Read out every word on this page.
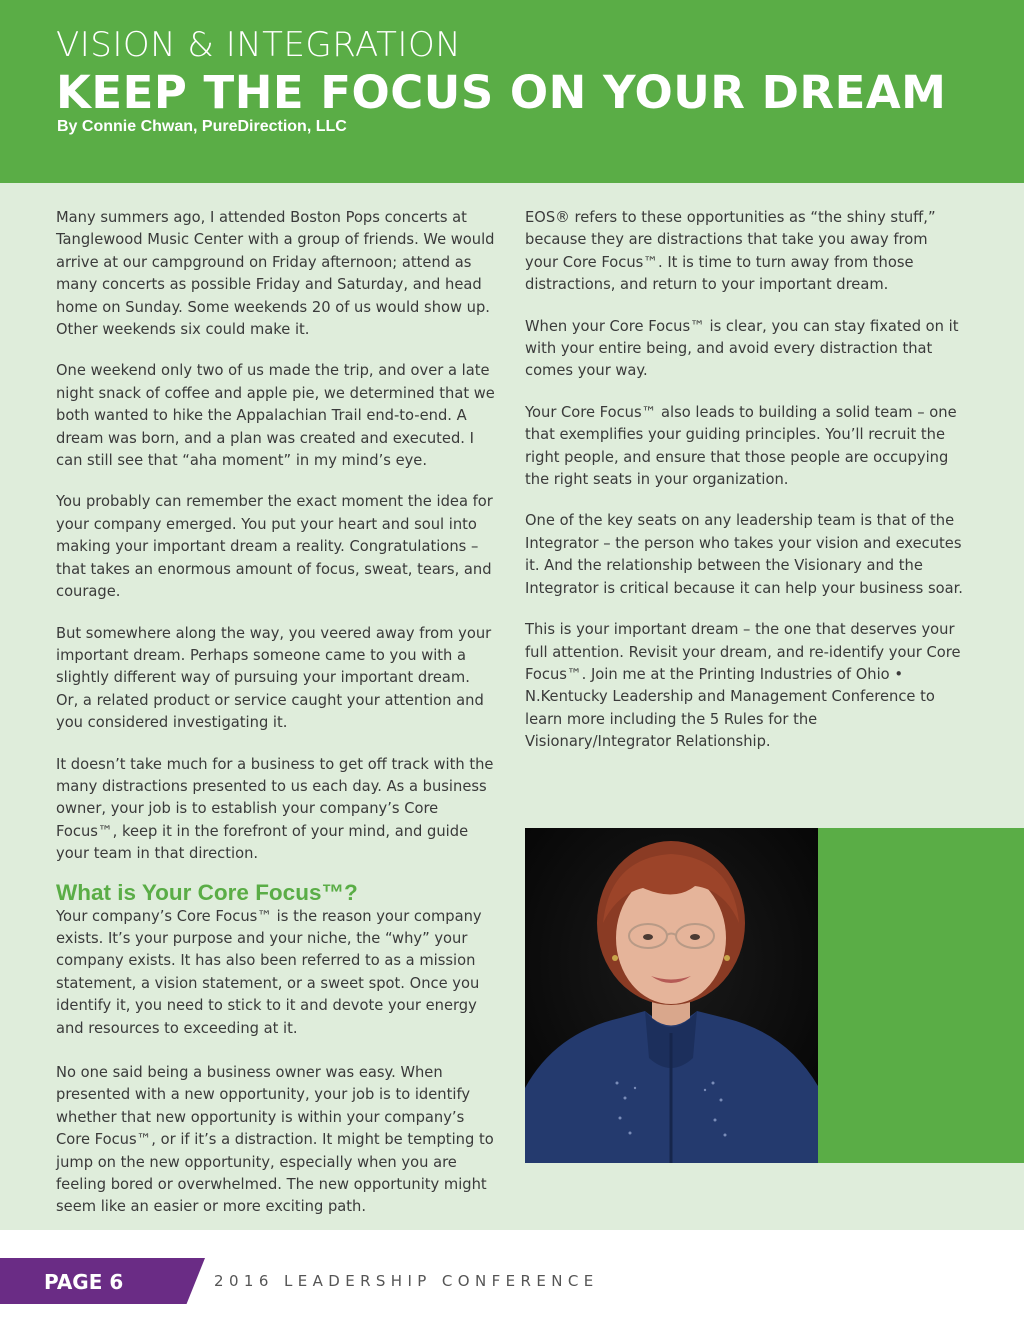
VISION & INTEGRATION
KEEP THE FOCUS ON YOUR DREAM
By Connie Chwan, PureDirection, LLC

Many summers ago, I attended Boston Pops concerts at Tanglewood Music Center with a group of friends. We would arrive at our campground on Friday afternoon; attend as many concerts as possible Friday and Saturday, and head home on Sunday. Some weekends 20 of us would show up. Other weekends six could make it.

One weekend only two of us made the trip, and over a late night snack of coffee and apple pie, we determined that we both wanted to hike the Appalachian Trail end-to-end. A dream was born, and a plan was created and executed. I can still see that “aha moment” in my mind’s eye.

You probably can remember the exact moment the idea for your company emerged. You put your heart and soul into making your important dream a reality. Congratulations – that takes an enormous amount of focus, sweat, tears, and courage.

But somewhere along the way, you veered away from your important dream. Perhaps someone came to you with a slightly different way of pursuing your important dream. Or, a related product or service caught your attention and you considered investigating it.

It doesn’t take much for a business to get off track with the many distractions presented to us each day. As a business owner, your job is to establish your company’s Core Focus™, keep it in the forefront of your mind, and guide your team in that direction.

What is Your Core Focus™?

Your company’s Core Focus™ is the reason your company exists. It’s your purpose and your niche, the “why” your company exists. It has also been referred to as a mission statement, a vision statement, or a sweet spot. Once you identify it, you need to stick to it and devote your energy and resources to exceeding at it.

No one said being a business owner was easy. When presented with a new opportunity, your job is to identify whether that new opportunity is within your company’s Core Focus™, or if it’s a distraction. It might be tempting to jump on the new opportunity, especially when you are feeling bored or overwhelmed. The new opportunity might seem like an easier or more exciting path.

EOS® refers to these opportunities as “the shiny stuff,” because they are distractions that take you away from your Core Focus™. It is time to turn away from those distractions, and return to your important dream.

When your Core Focus™ is clear, you can stay fixated on it with your entire being, and avoid every distraction that comes your way.

Your Core Focus™ also leads to building a solid team – one that exemplifies your guiding principles. You’ll recruit the right people, and ensure that those people are occupying the right seats in your organization.

One of the key seats on any leadership team is that of the Integrator – the person who takes your vision and executes it. And the relationship between the Visionary and the Integrator is critical because it can help your business soar.

This is your important dream – the one that deserves your full attention. Revisit your dream, and re-identify your Core Focus™. Join me at the Printing Industries of Ohio • N.Kentucky Leadership and Management Conference to learn more including the 5 Rules for the Visionary/Integrator Relationship.

PAGE 6	2016 LEADERSHIP CONFERENCE
